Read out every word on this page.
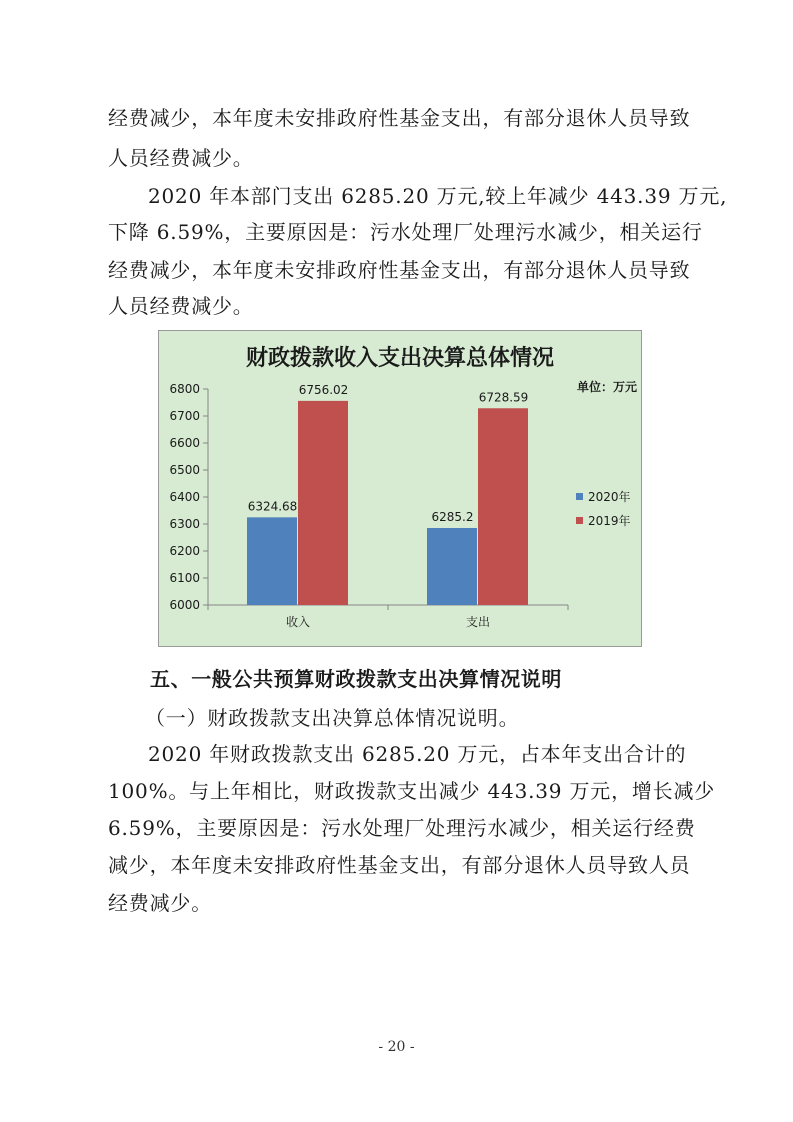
经费减少，本年度未安排政府性基金支出，有部分退休人员导致
人员经费减少。
2020 年本部门支出 6285.20 万元,较上年减少 443.39 万元,
下降 6.59%，主要原因是：污水处理厂处理污水减少，相关运行
经费减少，本年度未安排政府性基金支出，有部分退休人员导致
人员经费减少。
财政拨款收入支出决算总体情况
单位：万元
6000
6100
6200
6300
6400
6500
6600
6700
6800
6324.68
6756.02
收入
6285.2
6728.59
支出
2020年
2019年
五、一般公共预算财政拨款支出决算情况说明
（一）财政拨款支出决算总体情况说明。
2020 年财政拨款支出 6285.20 万元，占本年支出合计的
100%。与上年相比，财政拨款支出减少 443.39 万元，增长减少
6.59%，主要原因是：污水处理厂处理污水减少，相关运行经费
减少，本年度未安排政府性基金支出，有部分退休人员导致人员
经费减少。
- 20 -
